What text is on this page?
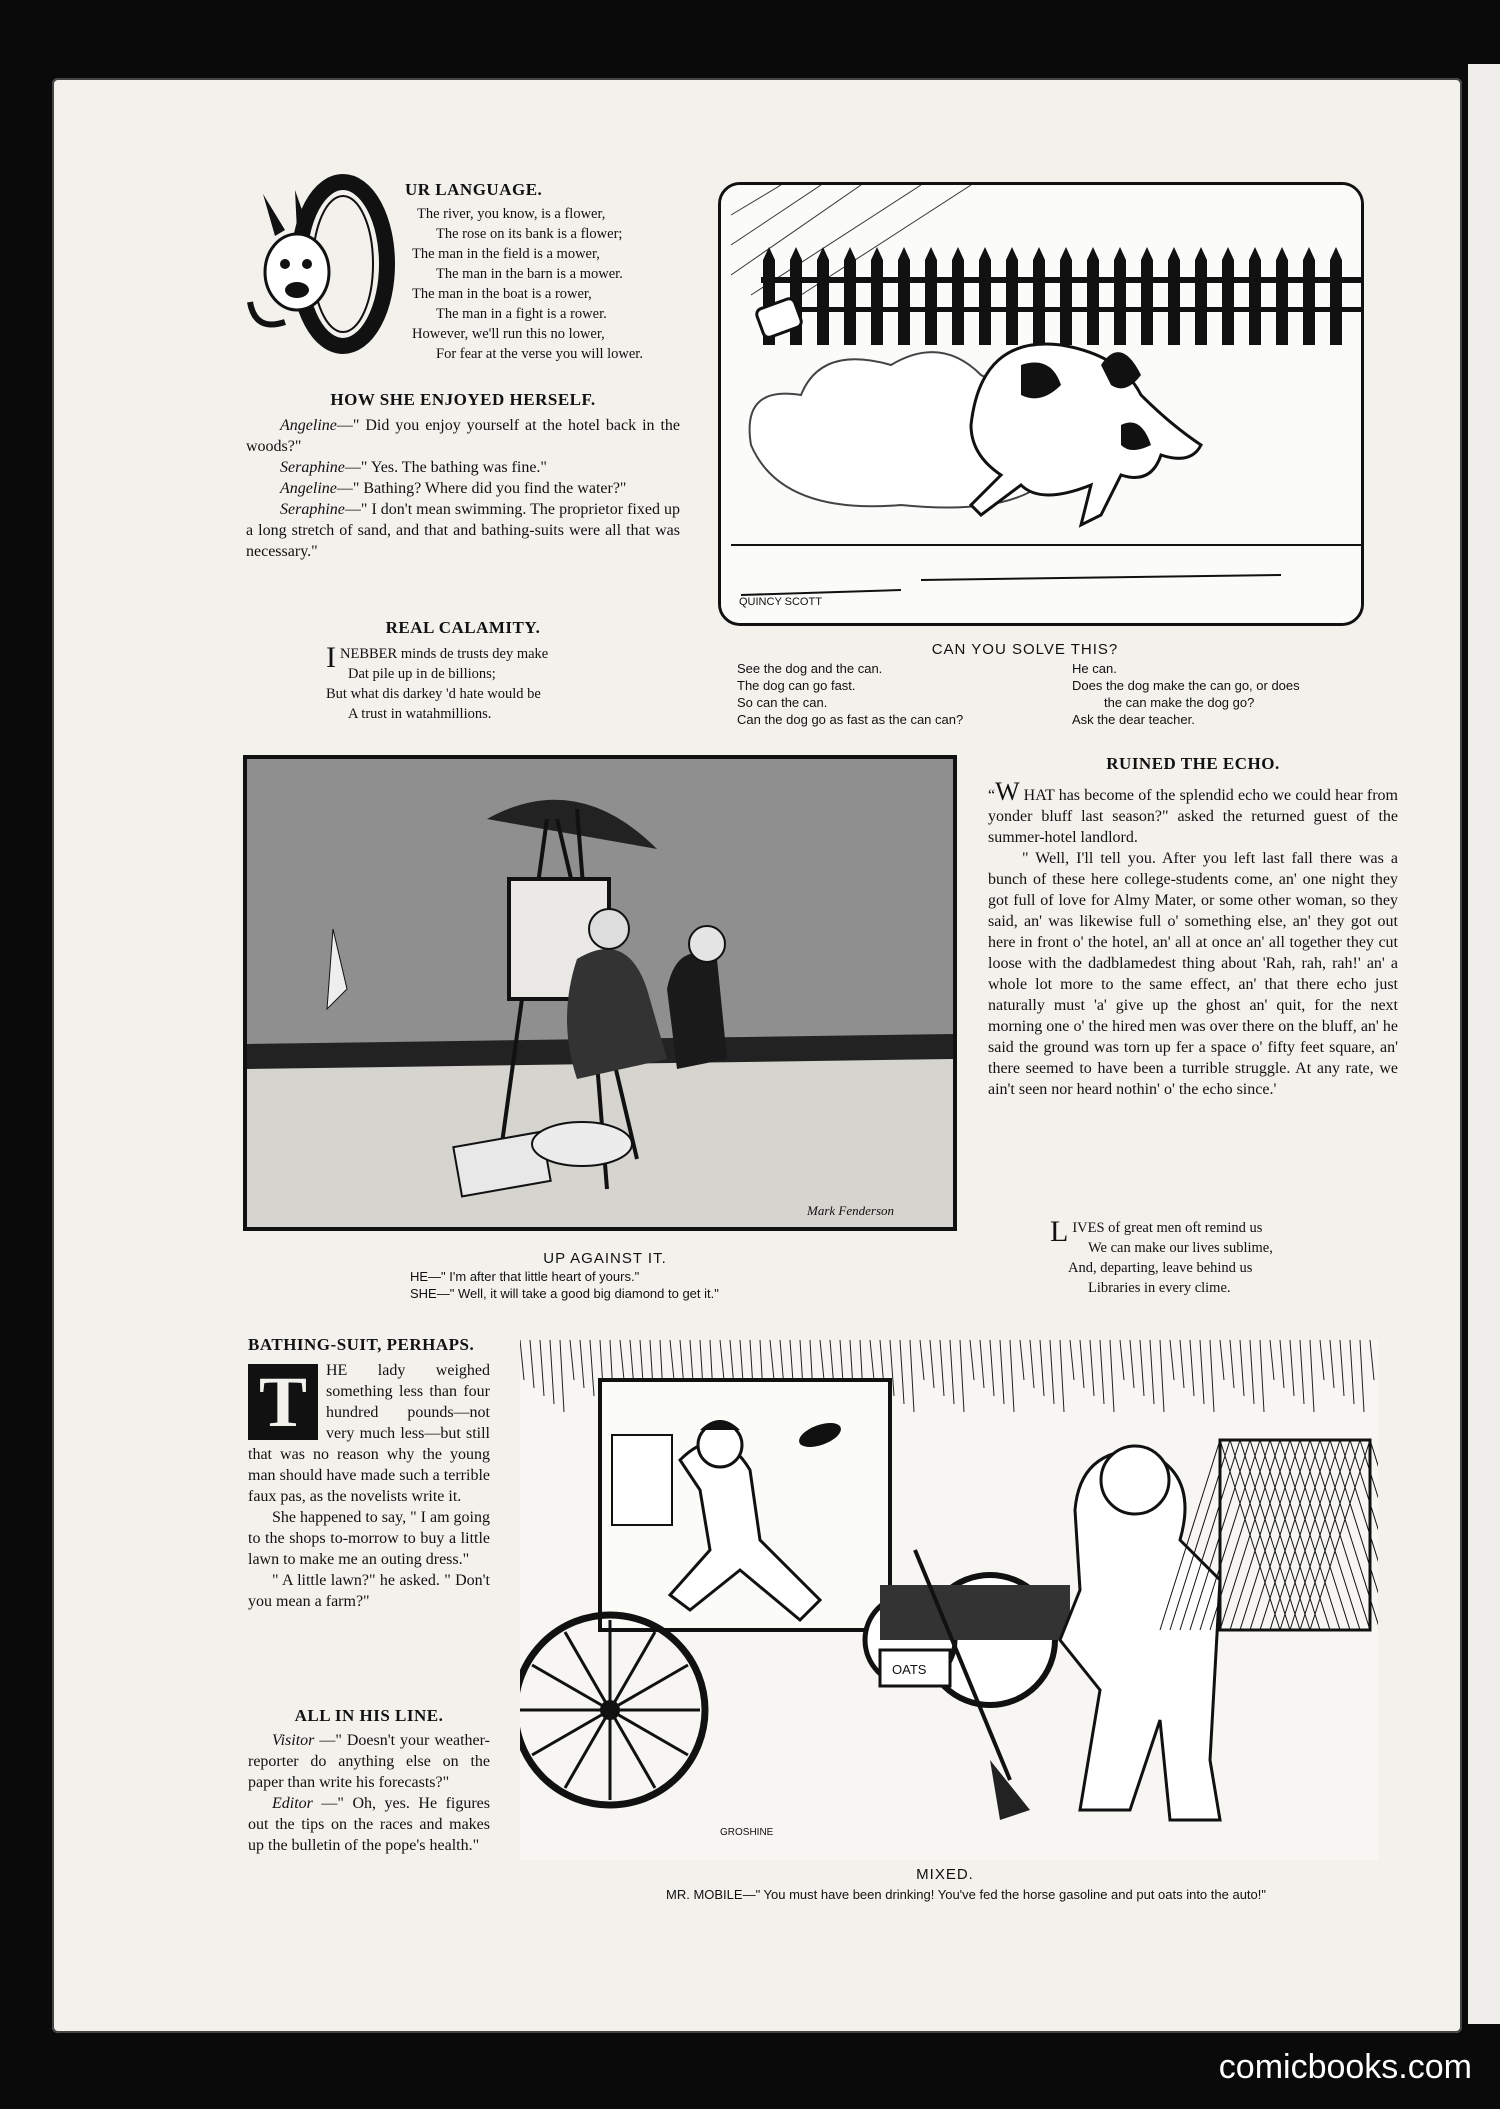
UR LANGUAGE.
The river, you know, is a flower,
The rose on its bank is a flower;
The man in the field is a mower,
The man in the barn is a mower.
The man in the boat is a rower,
The man in a fight is a rower.
However, we'll run this no lower,
For fear at the verse you will lower.
HOW SHE ENJOYED HERSELF.
Angeline—" Did you enjoy yourself at the hotel back in the woods?"
Seraphine—" Yes. The bathing was fine."
Angeline—" Bathing? Where did you find the water?"
Seraphine—" I don't mean swimming. The proprietor fixed up a long stretch of sand, and that and bathing-suits were all that was necessary."
REAL CALAMITY.
INEBBER minds de trusts dey make
Dat pile up in de billions;
But what dis darkey 'd hate would be
A trust in watahmillions.
QUINCY SCOTT
CAN YOU SOLVE THIS?
See the dog and the can.
The dog can go fast.
So can the can.
Can the dog go as fast as the can can?
He can.
Does the dog make the can go, or does
the can make the dog go?
Ask the dear teacher.
Mark Fenderson
UP AGAINST IT.
HE—" I'm after that little heart of yours."
SHE—" Well, it will take a good big diamond to get it."
RUINED THE ECHO.
“W HAT has become of the splendid echo we could hear from yonder bluff last season?" asked the returned guest of the summer-hotel landlord.
" Well, I'll tell you. After you left last fall there was a bunch of these here college-students come, an' one night they got full of love for Almy Mater, or some other woman, so they said, an' was likewise full o' something else, an' they got out here in front o' the hotel, an' all at once an' all together they cut loose with the dadblamedest thing about 'Rah, rah, rah!' an' a whole lot more to the same effect, an' that there echo just naturally must 'a' give up the ghost an' quit, for the next morning one o' the hired men was over there on the bluff, an' he said the ground was torn up fer a space o' fifty feet square, an' there seemed to have been a turrible struggle. At any rate, we ain't seen nor heard nothin' o' the echo since.'
LIVES of great men oft remind us
We can make our lives sublime,
And, departing, leave behind us
Libraries in every clime.
BATHING-SUIT, PERHAPS.
T	HE lady weighed something less than four hundred pounds—not very much less—but still that was no reason why the young man should have made such a terrible faux pas, as the novelists write it.
She happened to say, " I am going to the shops to-morrow to buy a little lawn to make me an outing dress."
" A little lawn?" he asked. " Don't you mean a farm?"
ALL IN HIS LINE.
Visitor —" Doesn't your weather-reporter do anything else on the paper than write his forecasts?"
Editor —" Oh, yes. He figures out the tips on the races and makes up the bulletin of the pope's health."
OATS
GROSHINE
MIXED.
MR. MOBILE—" You must have been drinking! You've fed the horse gasoline and put oats into the auto!"
comicbooks.com
